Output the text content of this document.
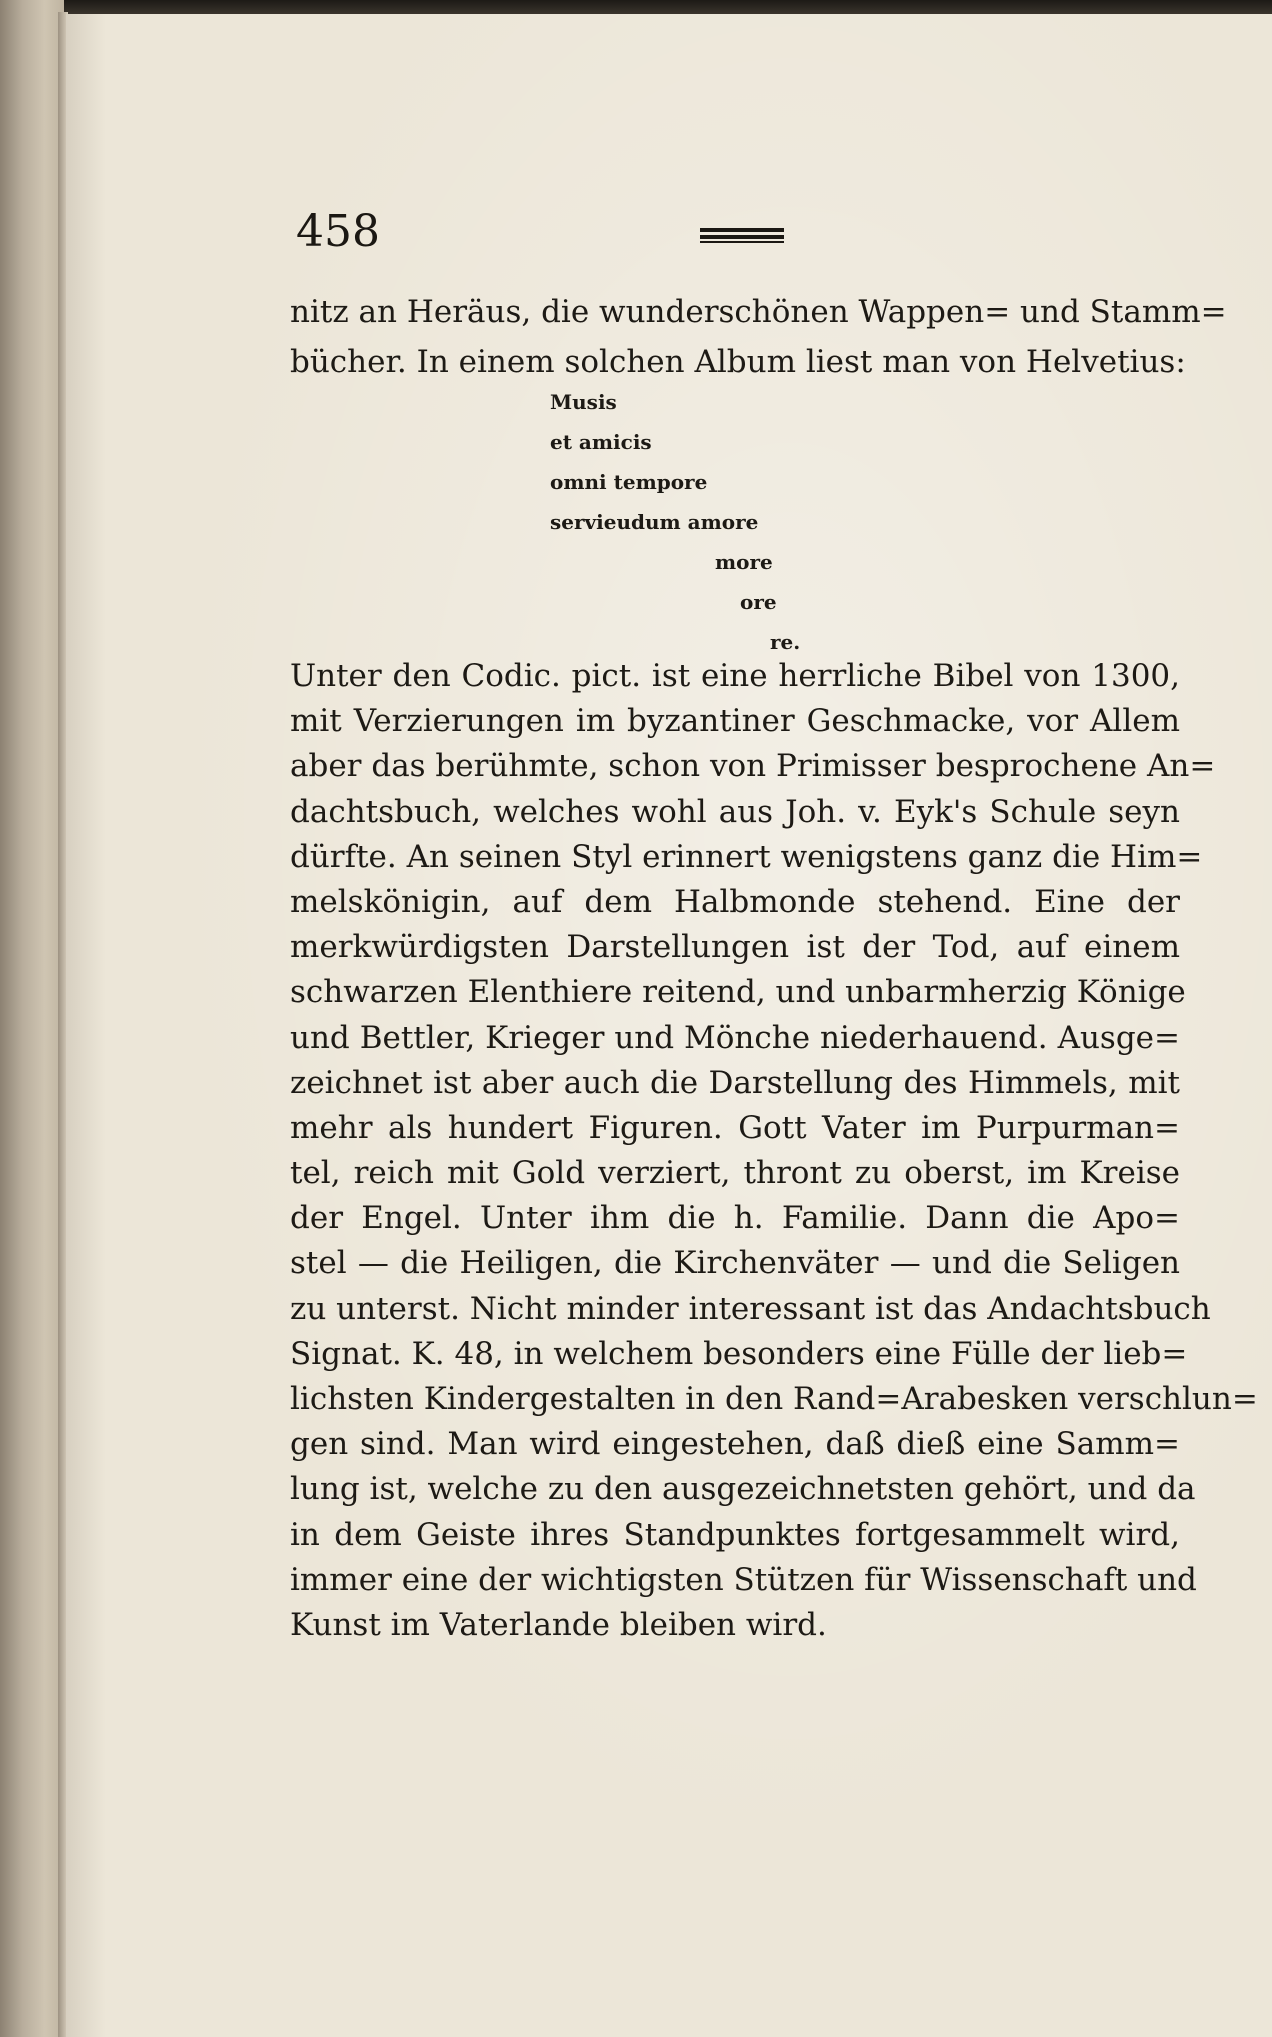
458
nitz an Heräus, die wunderschönen Wappen= und Stamm=
bücher. In einem solchen Album liest man von Helvetius:
Musis
et amicis
omni tempore
servieudum amore
more
ore
re.
Unter den Codic. pict. ist eine herrliche Bibel von 1300,
mit Verzierungen im byzantiner Geschmacke, vor Allem
aber das berühmte, schon von Primisser besprochene An=
dachtsbuch, welches wohl aus Joh. v. Eyk's Schule seyn
dürfte. An seinen Styl erinnert wenigstens ganz die Him=
melskönigin, auf dem Halbmonde stehend. Eine der
merkwürdigsten Darstellungen ist der Tod, auf einem
schwarzen Elenthiere reitend, und unbarmherzig Könige
und Bettler, Krieger und Mönche niederhauend. Ausge=
zeichnet ist aber auch die Darstellung des Himmels, mit
mehr als hundert Figuren. Gott Vater im Purpurman=
tel, reich mit Gold verziert, thront zu oberst, im Kreise
der Engel. Unter ihm die h. Familie. Dann die Apo=
stel — die Heiligen, die Kirchenväter — und die Seligen
zu unterst. Nicht minder interessant ist das Andachtsbuch
Signat. K. 48, in welchem besonders eine Fülle der lieb=
lichsten Kindergestalten in den Rand=Arabesken verschlun=
gen sind. Man wird eingestehen, daß dieß eine Samm=
lung ist, welche zu den ausgezeichnetsten gehört, und da
in dem Geiste ihres Standpunktes fortgesammelt wird,
immer eine der wichtigsten Stützen für Wissenschaft und
Kunst im Vaterlande bleiben wird.
